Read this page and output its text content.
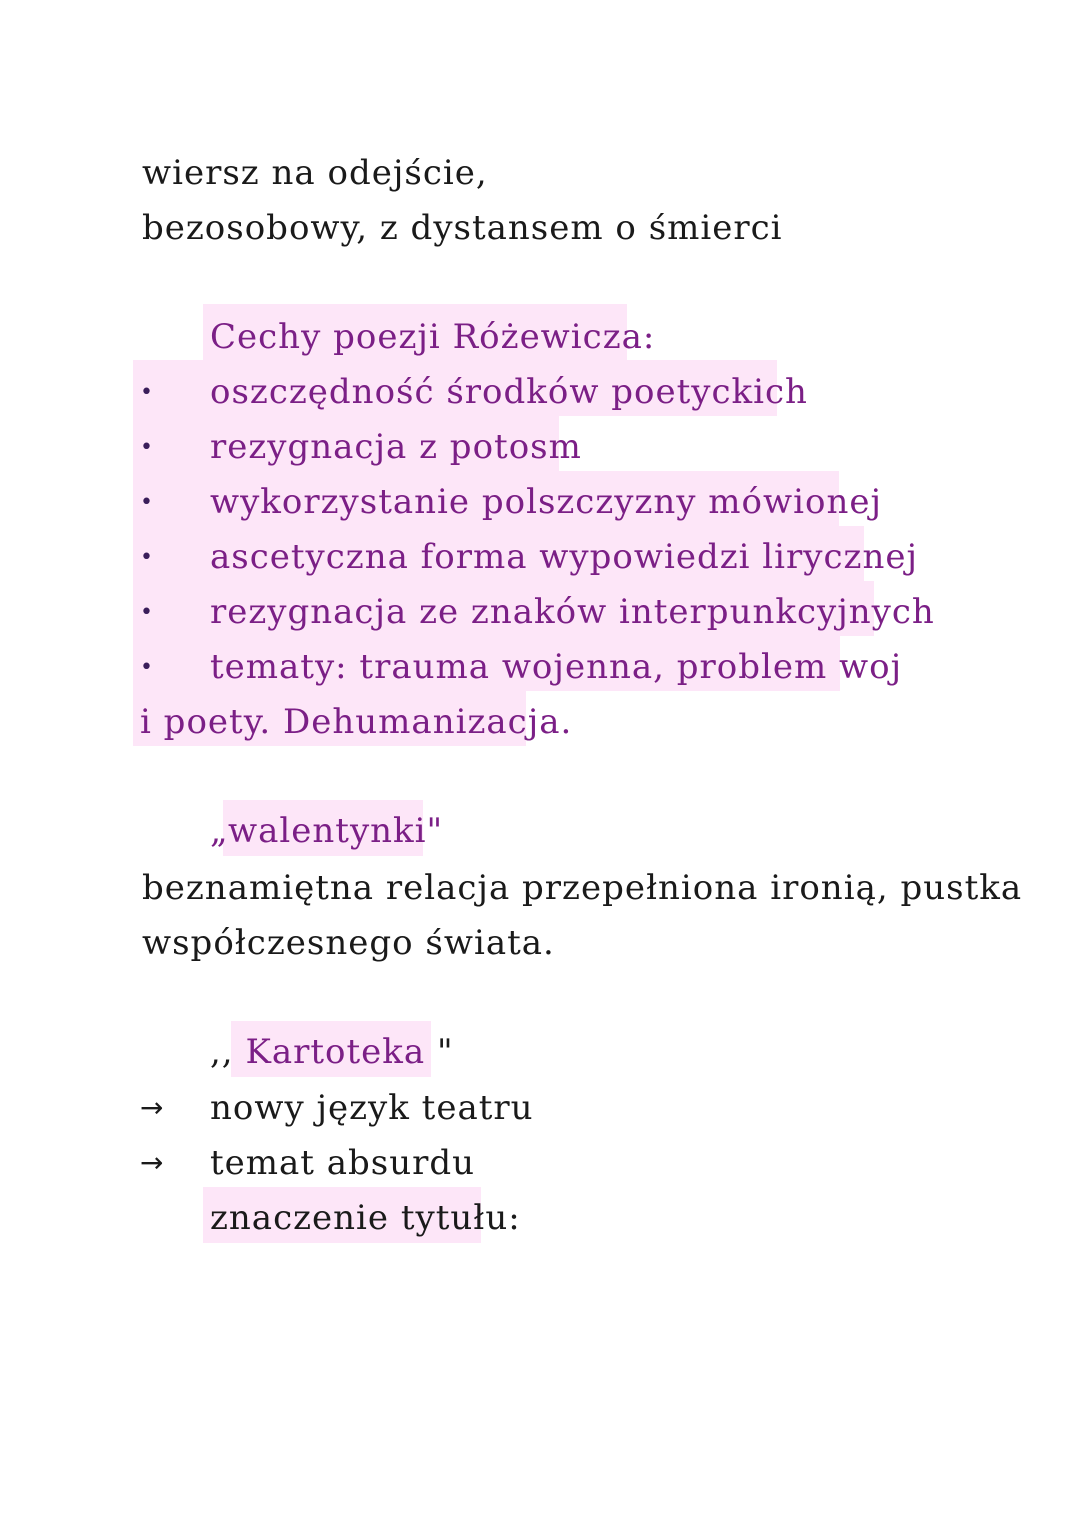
wiersz na odejście,
bezosobowy, z dystansem o śmierci
Cechy poezji Różewicza:
• oszczędność środków poetyckich
• rezygnacja z potosm
• wykorzystanie polszczyzny mówionej
• ascetyczna forma wypowiedzi lirycznej
• rezygnacja ze znaków interpunkcyjnych
• tematy: trauma wojenna, problem woj
i poety. Dehumanizacja.
„walentynki"
beznamiętna relacja przepełniona ironią, pustka
współczesnego świata.
,, Kartoteka "
→ nowy język teatru
→ temat absurdu
znaczenie tytułu:
